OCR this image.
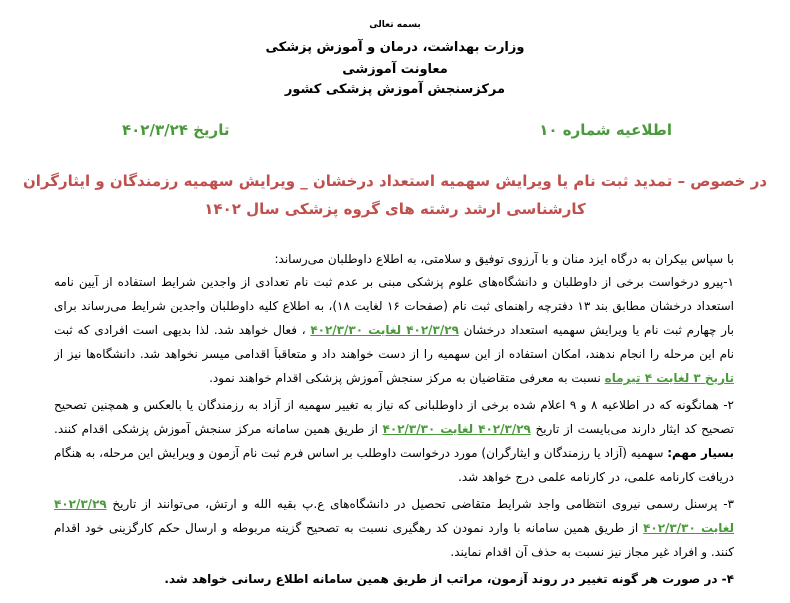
بسمه تعالی
وزارت بهداشت، درمان و آموزش پزشکی
معاونت آموزشی
مرکزسنجش آموزش پزشکی کشور
اطلاعیه شماره ۱۰
تاریخ ۴۰۲/۳/۲۴
در خصوص – تمدید ثبت نام یا ویرایش سهمیه استعداد درخشان _ ویرایش سهمیه رزمندگان و ایثارگران
کارشناسی ارشد رشته های گروه پزشکی سال ۱۴۰۲
با سپاس بیکران به درگاه ایزد منان و با آرزوی توفیق و سلامتی، به اطلاع داوطلبان می‌رساند:
۱-پیرو درخواست برخی از داوطلبان و دانشگاه‌های علوم پزشکی مبنی بر عدم ثبت نام تعدادی از واجدین شرایط استفاده از آیین نامه
استعداد درخشان مطابق بند ۱۳ دفترچه راهنمای ثبت نام (صفحات ۱۶ لغایت ۱۸)، به اطلاع کلیه داوطلبان واجدین شرایط می‌رساند برای
بار چهارم ثبت نام یا ویرایش سهمیه استعداد درخشان ۴۰۲/۳/۲۹ لغایت ۴۰۲/۳/۳۰ ، فعال خواهد شد. لذا بدیهی است افرادی که ثبت
نام این مرحله را انجام ندهند، امکان استفاده از این سهمیه را از دست خواهند داد و متعاقباً اقدامی میسر نخواهد شد. دانشگاه‌ها نیز از
تاریخ ۳ لغایت ۴ تیرماه نسبت به معرفی متقاضیان به مرکز سنجش آموزش پزشکی اقدام خواهند نمود.
۲- همانگونه که در اطلاعیه ۸ و ۹ اعلام شده برخی از داوطلبانی که نیاز به تغییر سهمیه از آزاد به رزمندگان یا بالعکس و همچنین تصحیح
تصحیح کد ایثار دارند می‌بایست از تاریخ ۴۰۲/۳/۲۹ لغایت ۴۰۲/۳/۳۰ از طریق همین سامانه مرکز سنجش آموزش پزشکی اقدام کنند.
بسیار مهم: سهمیه (آزاد یا رزمندگان و ایثارگران) مورد درخواست داوطلب بر اساس فرم ثبت نام آزمون و ویرایش این مرحله، به هنگام
دریافت کارنامه علمی، در کارنامه علمی درج خواهد شد.
۳- پرسنل رسمی نیروی انتظامی واجد شرایط متقاضی تحصیل در دانشگاه‌های ع.پ بقیه الله و ارتش، می‌توانند از تاریخ ۴۰۲/۳/۲۹
لغایت ۴۰۲/۳/۳۰ از طریق همین سامانه با وارد نمودن کد رهگیری نسبت به تصحیح گزینه مربوطه و ارسال حکم کارگزینی خود اقدام
کنند. و افراد غیر مجاز نیز نسبت به حذف آن اقدام نمایند.
۴- در صورت هر گونه تغییر در روند آزمون، مراتب از طریق همین سامانه اطلاع رسانی خواهد شد.
